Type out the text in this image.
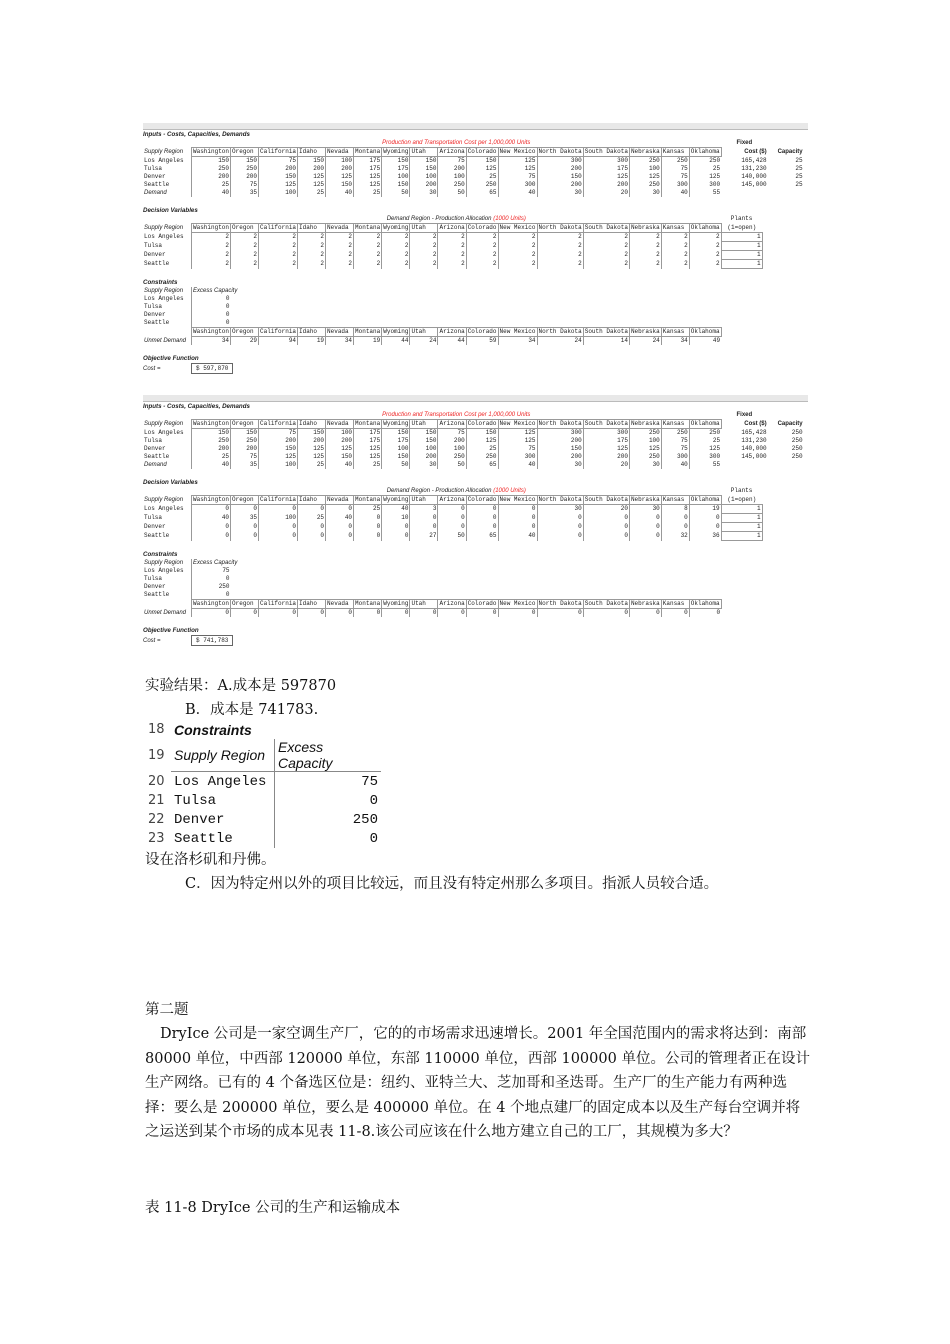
Inputs - Costs, Capacities, Demands
	Production and Transportation Cost per 1,000,000 Units																Fixed	
Supply Region	Washington	Oregon	California	Idaho	Nevada	Montana	Wyoming	Utah	Arizona	Colorado	New Mexico	North Dakota	South Dakota	Nebraska	Kansas	Oklahoma	Cost ($)	Capacity
Los Angeles	150	150	75	150	100	175	150	150	75	150	125	300	300	250	250	250	165,428	25
Tulsa	250	250	200	200	200	175	175	150	200	125	125	200	175	100	75	25	131,230	25
Denver	200	200	150	125	125	125	100	100	100	25	75	150	125	125	75	125	140,000	25
Seattle	25	75	125	125	150	125	150	200	250	250	300	200	200	250	300	300	145,000	25
Demand	40	35	100	25	40	25	50	30	50	65	40	30	20	30	40	55		
Decision Variables
	Demand Region - Production Allocation (1000 Units)																Plants
Supply Region	Washington	Oregon	California	Idaho	Nevada	Montana	Wyoming	Utah	Arizona	Colorado	New Mexico	North Dakota	South Dakota	Nebraska	Kansas	Oklahoma	(1=open)
Los Angeles	2	2	2	2	2	2	2	2	2	2	2	2	2	2	2	2	1
Tulsa	2	2	2	2	2	2	2	2	2	2	2	2	2	2	2	2	1
Denver	2	2	2	2	2	2	2	2	2	2	2	2	2	2	2	2	1
Seattle	2	2	2	2	2	2	2	2	2	2	2	2	2	2	2	2	1
Constraints
Supply Region	Excess Capacity															
Los Angeles	0															
Tulsa	0															
Denver	0															
Seattle	0															
	Washington	Oregon	California	Idaho	Nevada	Montana	Wyoming	Utah	Arizona	Colorado	New Mexico	North Dakota	South Dakota	Nebraska	Kansas	Oklahoma
Unmet Demand	34	29	94	19	34	19	44	24	44	59	34	24	14	24	34	49
Objective Function
Cost =	$ 597,870
Inputs - Costs, Capacities, Demands
	Production and Transportation Cost per 1,000,000 Units																Fixed	
Supply Region	Washington	Oregon	California	Idaho	Nevada	Montana	Wyoming	Utah	Arizona	Colorado	New Mexico	North Dakota	South Dakota	Nebraska	Kansas	Oklahoma	Cost ($)	Capacity
Los Angeles	150	150	75	150	100	175	150	150	75	150	125	300	300	250	250	250	165,428	250
Tulsa	250	250	200	200	200	175	175	150	200	125	125	200	175	100	75	25	131,230	250
Denver	200	200	150	125	125	125	100	100	100	25	75	150	125	125	75	125	140,000	250
Seattle	25	75	125	125	150	125	150	200	250	250	300	200	200	250	300	300	145,000	250
Demand	40	35	100	25	40	25	50	30	50	65	40	30	20	30	40	55		
Decision Variables
	Demand Region - Production Allocation (1000 Units)																Plants
Supply Region	Washington	Oregon	California	Idaho	Nevada	Montana	Wyoming	Utah	Arizona	Colorado	New Mexico	North Dakota	South Dakota	Nebraska	Kansas	Oklahoma	(1=open)
Los Angeles	0	0	0	0	0	25	40	3	0	0	0	30	20	30	8	19	1
Tulsa	40	35	100	25	40	0	10	0	0	0	0	0	0	0	0	0	1
Denver	0	0	0	0	0	0	0	0	0	0	0	0	0	0	0	0	1
Seattle	0	0	0	0	0	0	0	27	50	65	40	0	0	0	32	36	1
Constraints
Supply Region	Excess Capacity															
Los Angeles	75															
Tulsa	0															
Denver	250															
Seattle	0															
	Washington	Oregon	California	Idaho	Nevada	Montana	Wyoming	Utah	Arizona	Colorado	New Mexico	North Dakota	South Dakota	Nebraska	Kansas	Oklahoma
Unmet Demand	0	0	0	0	0	0	0	0	0	0	0	0	0	0	0	0
Objective Function
Cost =	$ 741,783
实验结果：A.成本是 597870
B．成本是 741783.
18	Constraints	
19	Supply Region	Excess Capacity
20	Los Angeles	75
21	Tulsa	0
22	Denver	250
23	Seattle	0
设在洛杉矶和丹佛。
C．因为特定州以外的项目比较远，而且没有特定州那么多项目。指派人员较合适。
第二题
DryIce 公司是一家空调生产厂，它的的市场需求迅速增长。2001 年全国范围内的需求将达到：南部 80000 单位，中西部 120000 单位，东部 110000 单位，西部 100000 单位。公司的管理者正在设计生产网络。已有的 4 个备选区位是：纽约、亚特兰大、芝加哥和圣迭哥。生产厂的生产能力有两种选择：要么是 200000 单位，要么是 400000 单位。在 4 个地点建厂的固定成本以及生产每台空调并将之运送到某个市场的成本见表 11-8.该公司应该在什么地方建立自己的工厂，其规模为多大？
表 11-8 DryIce 公司的生产和运输成本
